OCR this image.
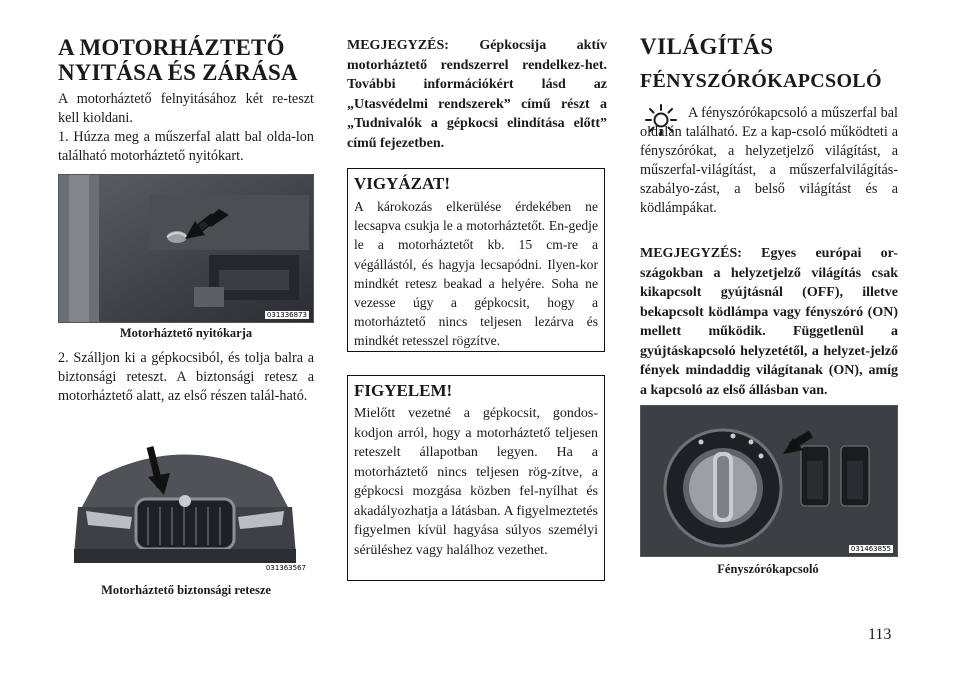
A MOTORHÁZTETŐ
NYITÁSA ÉS ZÁRÁSA

A motorháztető felnyitásához két re-teszt kell kioldani.

1. Húzza meg a műszerfal alatt bal olda-lon található motorháztető nyitókart.

031336873
Motorháztető nyitókarja

2. Szálljon ki a gépkocsiból, és tolja balra a biztonsági reteszt. A biztonsági retesz a motorháztető alatt, az első részen talál-ható.

031363567
Motorháztető biztonsági retesze

MEGJEGYZÉS: Gépkocsija aktív motorháztető rendszerrel rendelkez-het. További információkért lásd az „Utasvédelmi rendszerek” című részt a „Tudnivalók a gépkocsi elindítása előtt” című fejezetben.

VIGYÁZAT!

A károkozás elkerülése érdekében ne lecsapva csukja le a motorháztetőt. En-gedje le a motorháztetőt kb. 15 cm-re a végállástól, és hagyja lecsapódni. Ilyen-kor mindkét retesz beakad a helyére. Soha ne vezesse úgy a gépkocsit, hogy a motorháztető nincs teljesen lezárva és mindkét retesszel rögzítve.

FIGYELEM!

Mielőtt vezetné a gépkocsit, gondos-kodjon arról, hogy a motorháztető teljesen reteszelt állapotban legyen. Ha a motorháztető nincs teljesen rög-zítve, a gépkocsi mozgása közben fel-nyílhat és akadályozhatja a látásban. A figyelmeztetés figyelmen kívül hagyása súlyos személyi sérüléshez vagy halálhoz vezethet.

VILÁGÍTÁS
FÉNYSZÓRÓKAPCSOLÓ

A fényszórókapcsoló a műszerfal bal oldalán található. Ez a kap-csoló működteti a fényszórókat, a helyzetjelző világítást, a műszerfal-világítást, a műszerfalvilágítás-szabályo-zást, a belső világítást és a ködlámpákat.

MEGJEGYZÉS: Egyes európai or-szágokban a helyzetjelző világítás csak kikapcsolt gyújtásnál (OFF), illetve bekapcsolt ködlámpa vagy fényszóró (ON) mellett működik. Függetlenül a gyújtáskapcsoló helyzetétől, a helyzet-jelző fények mindaddig világítanak (ON), amíg a kapcsoló az első állásban van.

031463855
Fényszórókapcsoló
113
